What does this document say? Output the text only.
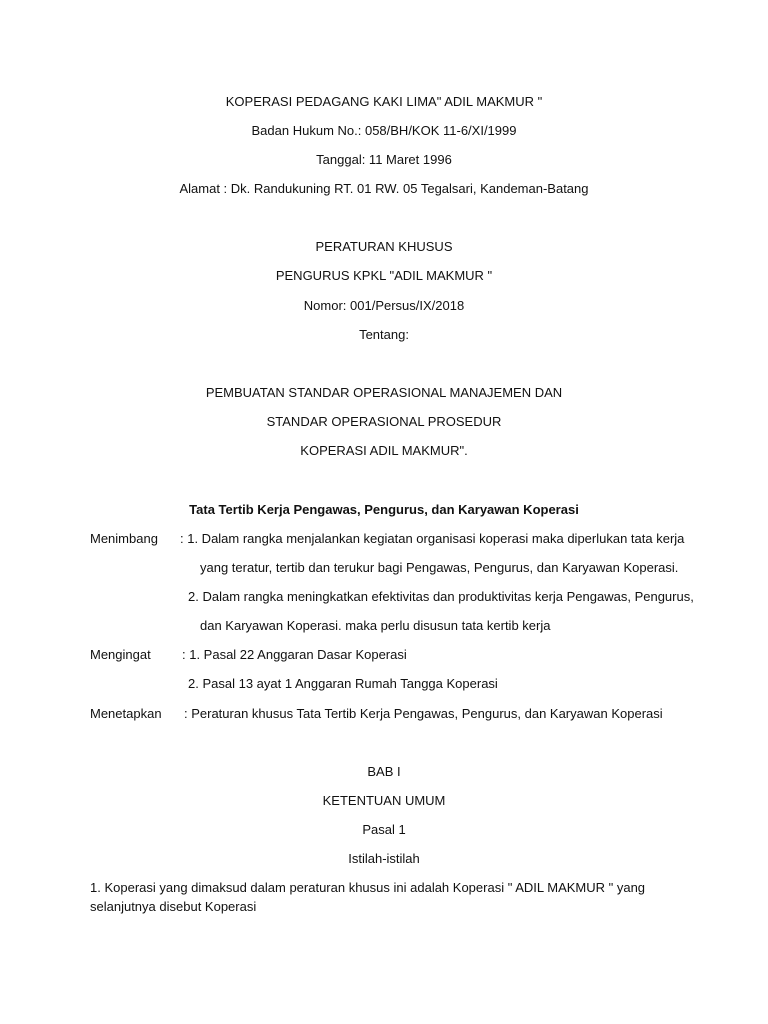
KOPERASI PEDAGANG KAKI LIMA" ADIL MAKMUR "
Badan Hukum No.: 058/BH/KOK 11-6/XI/1999
Tanggal: 11 Maret 1996
Alamat : Dk. Randukuning RT. 01 RW. 05 Tegalsari, Kandeman-Batang
PERATURAN KHUSUS
PENGURUS KPKL "ADIL MAKMUR "
Nomor: 001/Persus/IX/2018
Tentang:
PEMBUATAN STANDAR OPERASIONAL MANAJEMEN DAN
STANDAR OPERASIONAL PROSEDUR
KOPERASI ADIL MAKMUR".
Tata Tertib Kerja Pengawas, Pengurus, dan Karyawan Koperasi
Menimbang : 1. Dalam rangka menjalankan kegiatan organisasi koperasi maka diperlukan tata kerja
yang teratur, tertib dan terukur bagi Pengawas, Pengurus, dan Karyawan Koperasi.
2. Dalam rangka meningkatkan efektivitas dan produktivitas kerja Pengawas, Pengurus,
dan Karyawan Koperasi. maka perlu disusun tata kertib kerja
Mengingat : 1. Pasal 22 Anggaran Dasar Koperasi
2. Pasal 13 ayat 1 Anggaran Rumah Tangga Koperasi
Menetapkan : Peraturan khusus Tata Tertib Kerja Pengawas, Pengurus, dan Karyawan Koperasi
BAB I
KETENTUAN UMUM
Pasal 1
Istilah-istilah
1. Koperasi yang dimaksud dalam peraturan khusus ini adalah Koperasi " ADIL MAKMUR " yang selanjutnya disebut Koperasi
